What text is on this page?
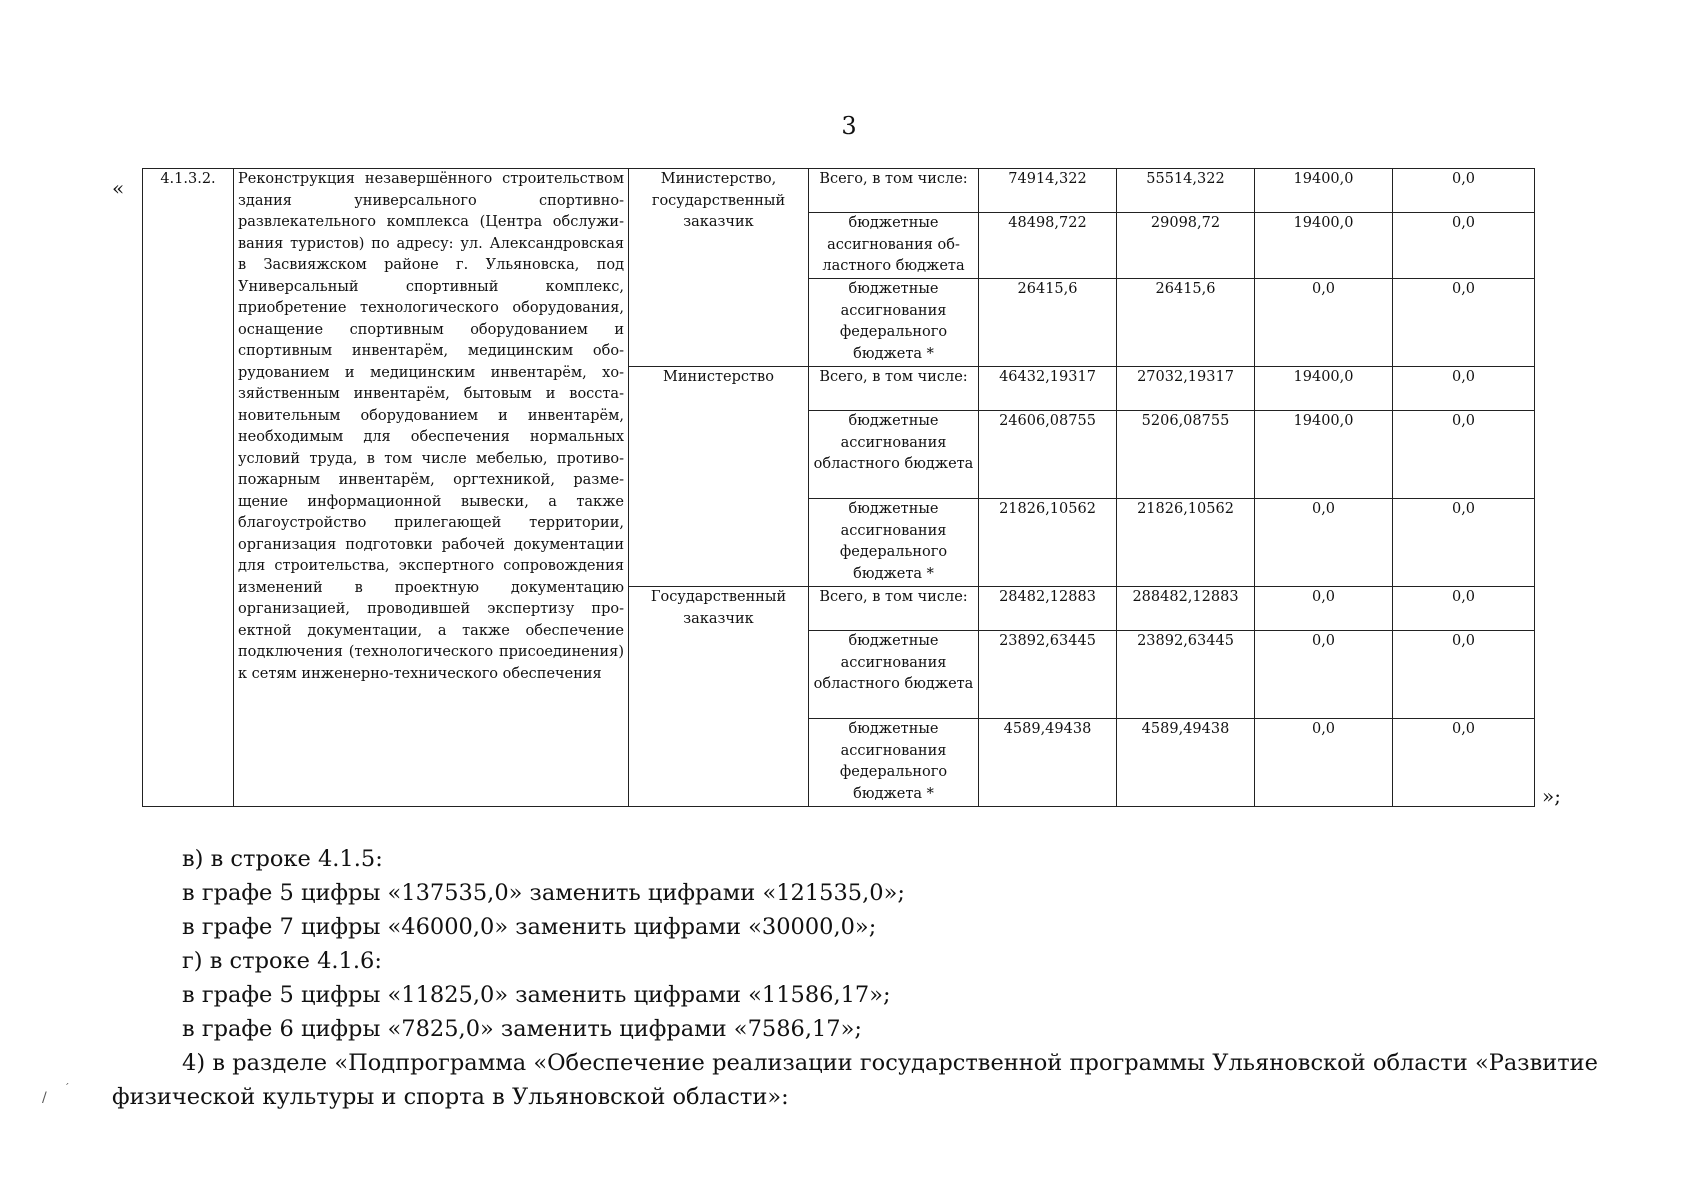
3
«
»;
4.1.3.2.	Реконструкция незавершённого строительством здания универсального спортивно-развлекательного комплекса (Центра обслуживания туристов) по адресу: ул. Александровская в Засвияжском районе г. Ульяновска, под Универсальный спортивный комплекс, приобретение технологического оборудования, оснащение спортивным оборудованием и спортивным инвентарём, медицинским оборудованием и медицинским инвентарём, хозяйственным инвентарём, бытовым и восстановительным оборудованием и инвентарём, необходимым для обеспечения нормальных условий труда, в том числе мебелью, противопожарным инвентарём, оргтехникой, размещение информационной вывески, а также благоустройство прилегающей территории, организация подготовки рабочей документации для строительства, экспертного сопровождения изменений в проектную документацию организацией, проводившей экспертизу проектной документации, а также обеспечение подключения (технологического присоединения) к сетям инженерно-технического обеспечения	Министерство, государственный заказчик	Всего, в том числе:	74914,322	55514,322	19400,0	0,0
			бюджетные ассигнования областного бюджета	48498,722	29098,72	19400,0	0,0
			бюджетные ассигнования федерального бюджета *	26415,6	26415,6	0,0	0,0
		Министерство	Всего, в том числе:	46432,19317	27032,19317	19400,0	0,0
			бюджетные ассигнования областного бюджета	24606,08755	5206,08755	19400,0	0,0
			бюджетные ассигнования федерального бюджета *	21826,10562	21826,10562	0,0	0,0
		Государственный заказчик	Всего, в том числе:	28482,12883	288482,12883	0,0	0,0
			бюджетные ассигнования областного бюджета	23892,63445	23892,63445	0,0	0,0
			бюджетные ассигнования федерального бюджета *	4589,49438	4589,49438	0,0	0,0

в) в строке 4.1.5:

в графе 5 цифры «137535,0» заменить цифрами «121535,0»;

в графе 7 цифры «46000,0» заменить цифрами «30000,0»;

г) в строке 4.1.6:

в графе 5 цифры «11825,0» заменить цифрами «11586,17»;

в графе 6 цифры «7825,0» заменить цифрами «7586,17»;

4) в разделе «Подпрограмма «Обеспечение реализации государственной программы Ульяновской области «Развитие физической культуры и спорта в Ульяновской области»:

/
´
